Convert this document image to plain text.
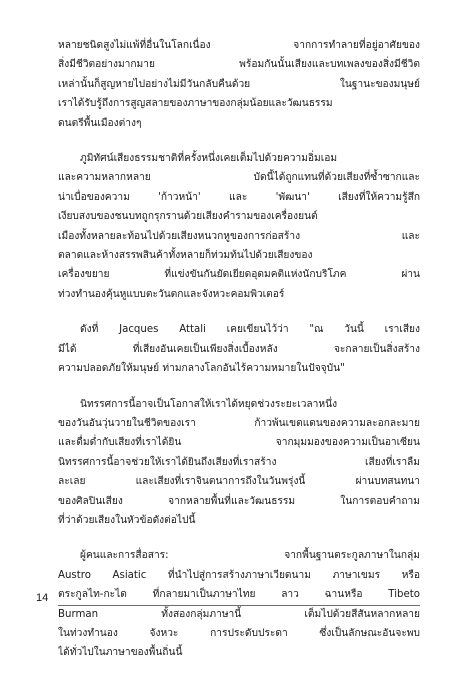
หลายชนิดสูงไม่แพ้ที่อื่นในโลกเนื่อง จากการทำลายที่อยู่อาศัยของ
สิ่งมีชีวิตอย่างมากมาย พร้อมกันนั้นเสียงและบทเพลงของสิ่งมีชีวิต
เหล่านั้นก็สูญหายไปอย่างไม่มีวันกลับคืนด้วย ในฐานะของมนุษย์
เราได้รับรู้ถึงการสูญสลายของภาษาของกลุ่มน้อยและวัฒนธรรม
ดนตรีพื้นเมืองต่างๆ

ภูมิทัศน์เสียงธรรมชาติที่ครั้งหนึ่งเคยเต็มไปด้วยความอิ่มเอม
และความหลากหลาย บัดนี้ได้ถูกแทนที่ด้วยเสียงที่ซ้ำซากและ
น่าเบื่อของความ 'ก้าวหน้า' และ 'พัฒนา' เสียงที่ให้ความรู้สึก
เงียบสงบของชนบทถูกรุกรานด้วยเสียงคำรามของเครื่องยนต์
เมืองทั้งหลายละท้อนไปด้วยเสียงหนวกหูของการก่อสร้าง และ
ตลาดและห้างสรรพสินค้าทั้งหลายก็ท่วมท้นไปด้วยเสียงของ
เครื่องขยาย ที่แข่งขันกันยัดเยียดอุดมคติแห่งนักบริโภค ผ่าน
ท่วงทำนองคุ้นหูแบบตะวันตกและจังหวะคอมพิวเตอร์

ดังที่ Jacques Attali เคยเขียนไว้ว่า "ณ วันนี้ เราเสียง
มีได้ ที่เสียงอันเคยเป็นเพียงสิ่งเบื้องหลัง จะกลายเป็นสิ่งสร้าง
ความปลอดภัยให้มนุษย์ ท่ามกลางโลกอันไร้ความหมายในปัจจุบัน"

นิทรรศการนี้อาจเป็นโอกาสให้เราได้หยุดช่วงระยะเวลาหนึ่ง
ของวันอันวุ่นวายในชีวิตของเรา ก้าวพ้นเขตแดนของความละอกละมาย
และดื่มด่ำกับเสียงที่เราได้ยิน จากมุมมองของความเป็นอาเซียน
นิทรรศการนี้อาจช่วยให้เราได้ยินถึงเสียงที่เราสร้าง เสียงที่เราลืม
ละเลย และเสียงที่เราจินตนาการถึงในวันพรุ่งนี้ ผ่านบทสนทนา
ของศิลปินเสียง จากหลายพื้นที่และวัฒนธรรม ในการตอบคำถาม
ที่ว่าด้วยเสียงในหัวข้อดังต่อไปนี้

ผู้คนและการสื่อสาร: จากพื้นฐานตระกูลภาษาในกลุ่ม
Austro Asiatic ที่นำไปสู่การสร้างภาษาเวียดนาม ภาษาเขมร หรือ
ตระกูลไท-กะได ที่กลายมาเป็นภาษาไทย ลาว ฉานหรือ Tibeto
Burman ทั้งสองกลุ่มภาษานี้ เต็มไปด้วยสีสันหลากหลาย
ในท่วงทำนอง จังหวะ การประดับประดา ซึ่งเป็นลักษณะอันจะพบ
ได้ทั่วไปในภาษาของพื้นถิ่นนี้

14
